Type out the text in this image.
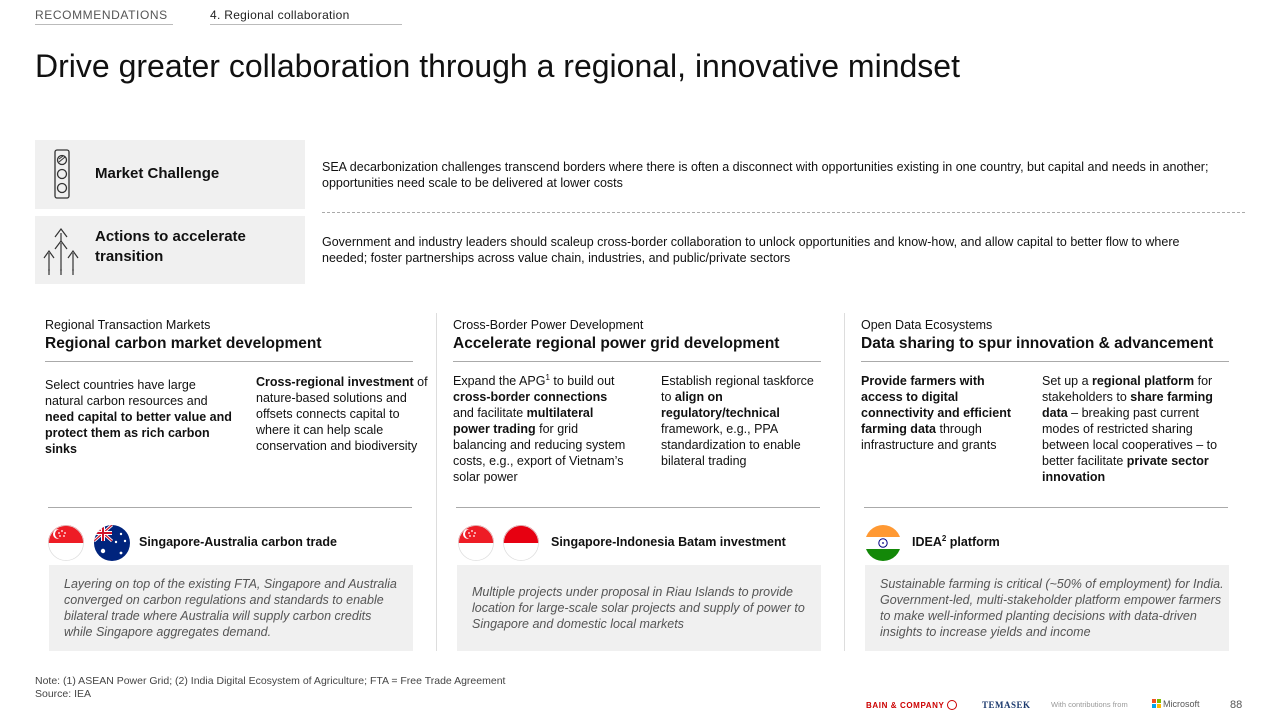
RECOMMENDATIONS	4. Regional collaboration
Drive greater collaboration through a regional, innovative mindset
Market Challenge	SEA decarbonization challenges transcend borders where there is often a disconnect with opportunities existing in one country, but capital and needs in another; opportunities need scale to be delivered at lower costs
Actions to accelerate
transition
Government and industry leaders should scaleup cross-border collaboration to unlock opportunities and know-how, and allow capital to better flow to where needed; foster partnerships across value chain, industries, and public/private sectors
Regional Transaction Markets
Regional carbon market development
Select countries have large natural carbon resources and need capital to better value and protect them as rich carbon sinks
Cross-regional investment of nature-based solutions and offsets connects capital to where it can help scale conservation and biodiversity
Singapore-Australia carbon trade
Layering on top of the existing FTA, Singapore and Australia converged on carbon regulations and standards to enable bilateral trade where Australia will supply carbon credits while Singapore aggregates demand.
Cross-Border Power Development
Accelerate regional power grid development
Expand the APG$^1$ to build out cross-border connections and facilitate multilateral power trading for grid balancing and reducing system costs, e.g., export of Vietnam’s solar power
Establish regional taskforce to align on regulatory/technical framework, e.g., PPA standardization to enable bilateral trading
Singapore-Indonesia Batam investment
Multiple projects under proposal in Riau Islands to provide location for large-scale solar projects and supply of power to Singapore and domestic local markets
Open Data Ecosystems
Data sharing to spur innovation & advancement
Provide farmers with access to digital connectivity and efficient farming data through infrastructure and grants
Set up a regional platform for stakeholders to share farming data – breaking past current modes of restricted sharing between local cooperatives – to better facilitate private sector innovation
IDEA$^2$ platform
Sustainable farming is critical (~50% of employment) for India. Government-led, multi-stakeholder platform empower farmers to make well-informed planting decisions with data-driven insights to increase yields and income
Note: (1) ASEAN Power Grid; (2) India Digital Ecosystem of Agriculture; FTA = Free Trade Agreement
Source: IEA
BAIN & COMPANY	TEMASEK	With contributions from	Microsoft	88
